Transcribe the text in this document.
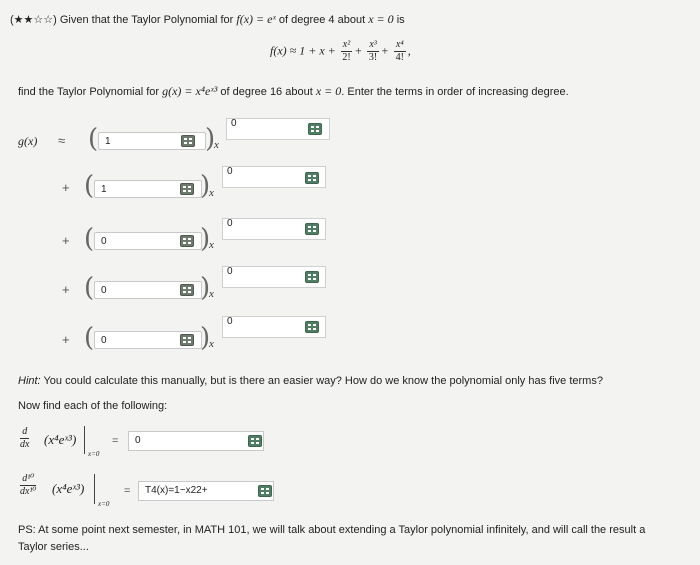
(★★☆☆) Given that the Taylor Polynomial for f(x) = eˣ of degree 4 about x = 0 is
$f(x) \approx 1 + x + \frac{\text{x²}}{2!} + \frac{\text{x³}}{3!} + \frac{\text{x⁴}}{4!}$ ,
find the Taylor Polynomial for g(x) = x⁴eˣ³ of degree 16 about x = 0. Enter the terms in order of increasing degree.
g(x) ≈ ( 1	)
x
0
+ ( 1	)
x
0
+ ( 0	)
x
0
+ ( 0	)
x
0
+ ( 0	)
x
0
Hint: You could calculate this manually, but is there an easier way? How do we know the polynomial only has five terms?
Now find each of the following:
$\frac{d}{dx}$ (x⁴eˣ³)
x=0
=	0
$\frac{\text{d¹⁰}}{\text{dx¹⁰}}$ (x⁴eˣ³)
x=0
=	T4(x)=1−x22+
PS: At some point next semester, in MATH 101, we will talk about extending a Taylor polynomial infinitely, and will call the result a
Taylor series...
